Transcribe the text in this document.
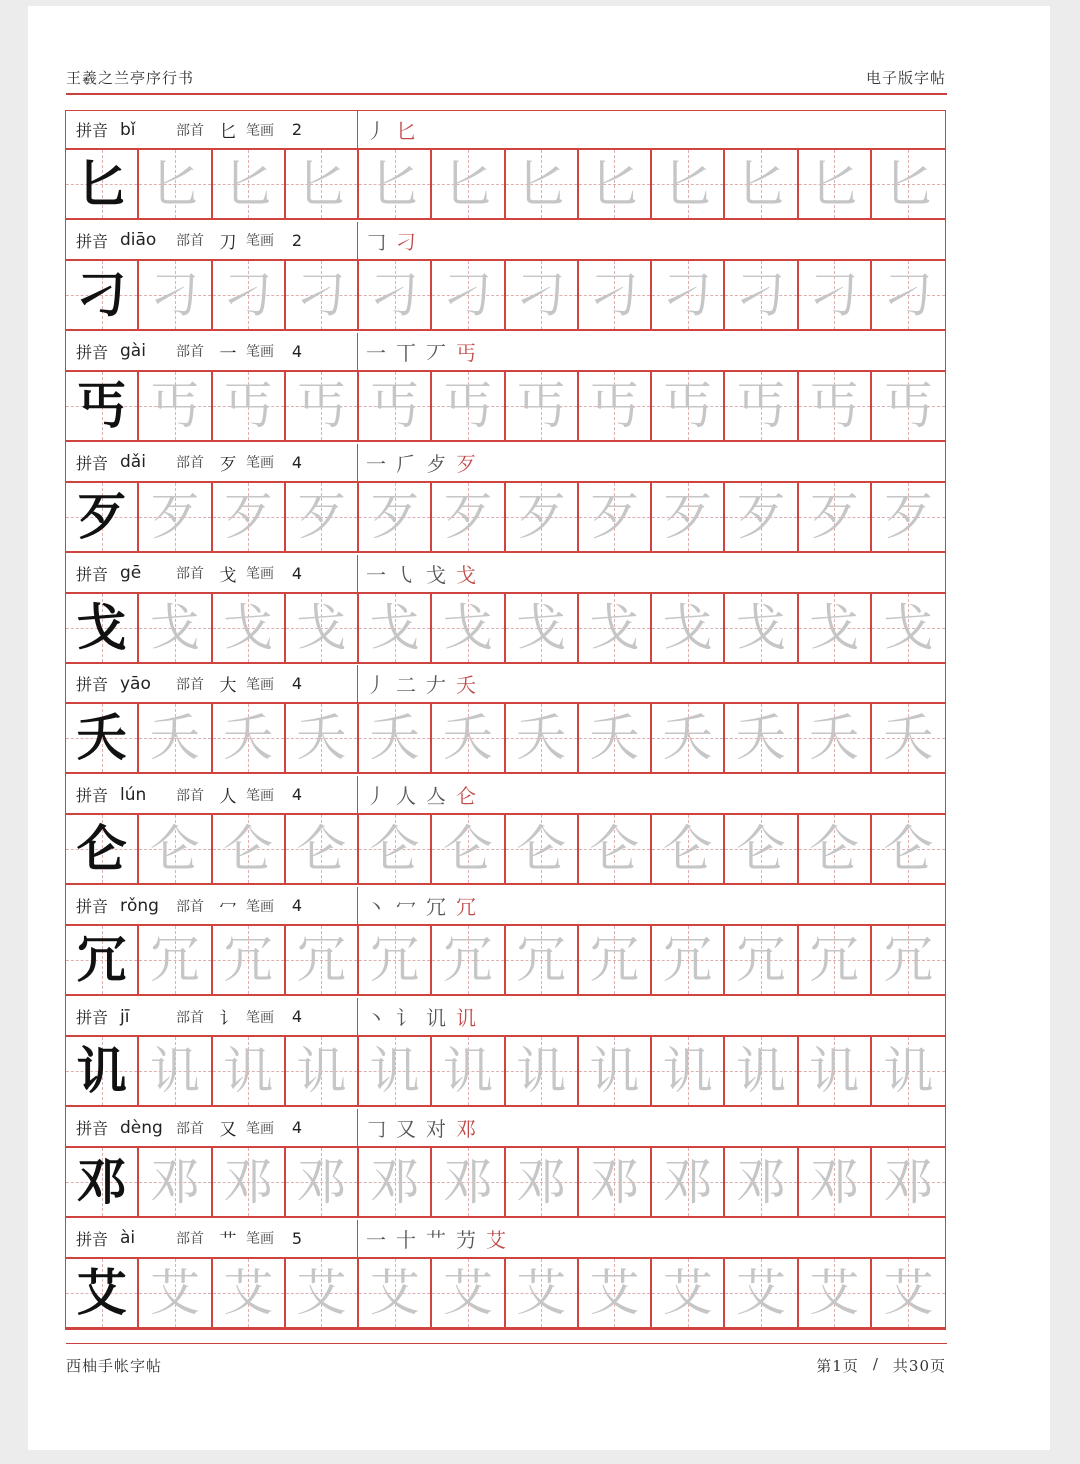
王羲之兰亭序行书	电子版字帖
拼音 bǐ	部首 匕 笔画	2	丿 匕
匕 匕 匕 匕 匕 匕 匕 匕 匕 匕 匕 匕
拼音 diāo	部首 刀 笔画	2	𠃌 刁
刁 刁 刁 刁 刁 刁 刁 刁 刁 刁 刁 刁
拼音 gài	部首 一 笔画	4	一 丅 丆 丐
丐 丐 丐 丐 丐 丐 丐 丐 丐 丐 丐 丐
拼音 dǎi	部首 歹 笔画	4	一 𠂆 歺 歹
歹 歹 歹 歹 歹 歹 歹 歹 歹 歹 歹 歹
拼音 gē	部首 戈 笔画	4	一 ㇂ 戈 戈
戈 戈 戈 戈 戈 戈 戈 戈 戈 戈 戈 戈
拼音 yāo	部首 大 笔画	4	丿 二 𠂇 夭
夭 夭 夭 夭 夭 夭 夭 夭 夭 夭 夭 夭
拼音 lún	部首 人 笔画	4	丿 人 亼 仑
仑 仑 仑 仑 仑 仑 仑 仑 仑 仑 仑 仑
拼音 rǒng	部首 冖 笔画	4	丶 冖 冗 冗
冗 冗 冗 冗 冗 冗 冗 冗 冗 冗 冗 冗
拼音 jī	部首 讠 笔画	4	丶 讠 讥 讥
讥 讥 讥 讥 讥 讥 讥 讥 讥 讥 讥 讥
拼音 dèng 部首 又 笔画	4	𠃌 又 对 邓
邓 邓 邓 邓 邓 邓 邓 邓 邓 邓 邓 邓
拼音 ài	部首 艹 笔画	5	一 十 艹 芀 艾
艾 艾 艾 艾 艾 艾 艾 艾 艾 艾 艾 艾
西柚手帐字帖	第1页 / 共30页
